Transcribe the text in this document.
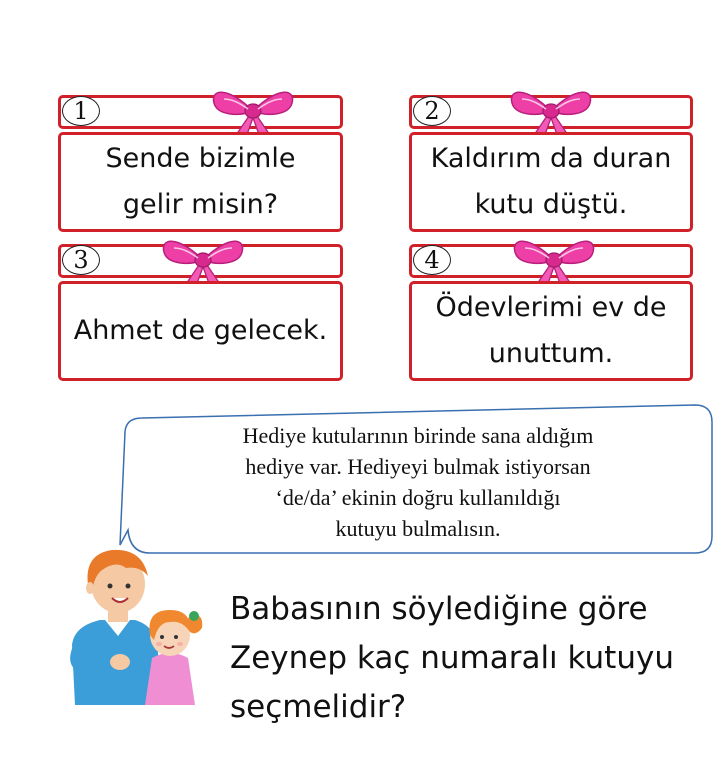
1
Sende bizimle
gelir misin?
2
Kaldırım da duran
kutu düştü.
3
Ahmet de gelecek.
4
Ödevlerimi ev de
unuttum.
Hediye kutularının birinde sana aldığım
hediye var. Hediyeyi bulmak istiyorsan
‘de/da’ ekinin doğru kullanıldığı
kutuyu bulmalısın.
Babasının söylediğine göre
Zeynep kaç numaralı kutuyu
seçmelidir?
